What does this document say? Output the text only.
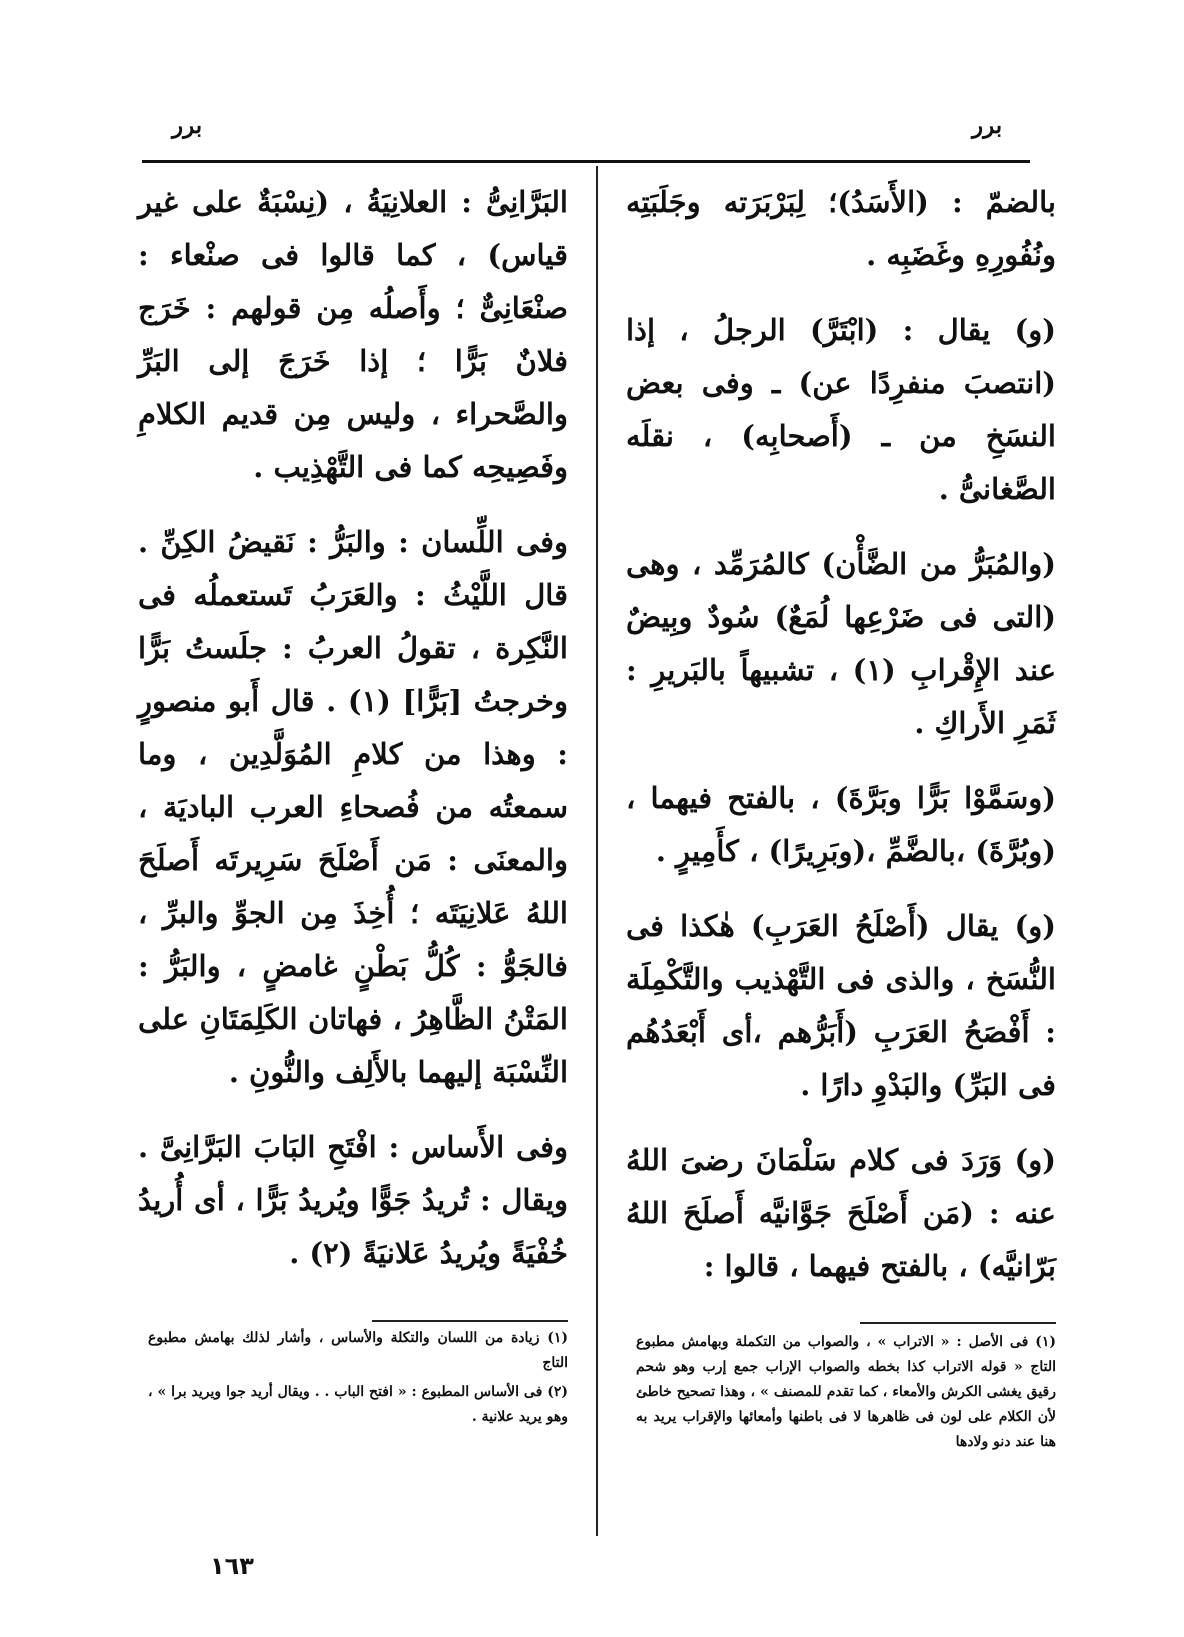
برر
برر

بالضمّ : (الأَسَدُ)؛ لِبَرْبَرَته وجَلَبَتِه ونُفُورِهِ وغَضَبِه .

(و) يقال : (ابْتَرَّ) الرجلُ ، إذا (انتصبَ منفرِدًا عن) ـ وفى بعض النسَخِ من ـ (أَصحابِه) ، نقلَه الصَّغانىُّ .

(والمُبَرُّ من الضَّأْن) كالمُرَمِّد ، وهى (التى فى ضَرْعِها لُمَعٌ) سُودٌ وبِيضٌ عند الإِقْرابِ (١) ، تشبيهاً بالبَريرِ : ثَمَرِ الأَراكِ .

(وسَمَّوْا بَرًّا وبَرَّةَ) ، بالفتح فيهما ، (وبُرَّةَ) ،بالضَّمِّ ،(وبَرِيرًا) ، كأَمِيرٍ .

(و) يقال (أَصْلَحُ العَرَبِ) هٰكذا فى النُّسَخ ، والذى فى التَّهْذيب والتَّكْمِلَة : أَفْصَحُ العَرَبِ (أَبَرُّهم ،أى أَبْعَدُهُم فى البَرِّ) والبَدْوِ دارًا .

(و) وَرَدَ فى كلام سَلْمَانَ رضىَ اللهُ عنه : (مَن أَصْلَحَ جَوَّانيَّه أَصلَحَ اللهُ بَرّانيَّه) ، بالفتح فيهما ، قالوا :

البَرَّانِىُّ : العلانِيَةُ ، (نِسْبَةٌ على غير قياس) ، كما قالوا فى صنْعاء : صنْعَانِىٌّ ؛ وأَصلُه مِن قولهم : خَرَج فلانٌ بَرًّا ؛ إذا خَرَجَ إلى البَرِّ والصَّحراء ، وليس مِن قديم الكلامِ وفَصِيحِه كما فى التَّهْذِيب .

وفى اللِّسان : والبَرُّ : نَقيضُ الكِنِّ . قال اللَّيْثُ : والعَرَبُ تَستعملُه فى النَّكِرة ، تقولُ العربُ : جلَستُ بَرًّا وخرجتُ [بَرًّا] (١) . قال أَبو منصورٍ : وهذا من كلامِ المُوَلَّدِين ، وما سمعتُه من فُصحاءِ العرب الباديَة ، والمعنَى : مَن أَصْلَحَ سَرِيرتَه أَصلَحَ اللهُ عَلانِيَتَه ؛ أُخِذَ مِن الجوِّ والبرِّ ، فالجَوُّ : كُلُّ بَطْنٍ غامضٍ ، والبَرُّ : المَتْنُ الظَّاهِرُ ، فهاتان الكَلِمَتَانِ على النِّسْبَة إليهما بالأَلِف والنُّونِ .

وفى الأَساس : افْتَحِ البَابَ البَرَّانِىَّ . ويقال : تُريدُ جَوًّا ويُريدُ بَرًّا ، أى أُريدُ خُفْيَةً ويُريدُ عَلانيَةً (٢) .

(١) فى الأصل : « الاتراب » ، والصواب من التكملة وبهامش مطبوع التاج « قوله الاتراب كذا بخطه والصواب الإراب جمع إرب وهو شحم رقيق يغشى الكرش والأمعاء ، كما تقدم للمصنف » ، وهذا تصحيح خاطئ لأن الكلام على لون فى ظاهرها لا فى باطنها وأمعائها والإقراب يريد به هنا عند دنو ولادها

(١) زيادة من اللسان والتكلة والأساس ، وأشار لذلك بهامش مطبوع التاج

(٢) فى الأساس المطبوع : « افتح الباب . . ويقال أريد جوا ويريد برا » ، وهو يريد علانية .

١٦٣
